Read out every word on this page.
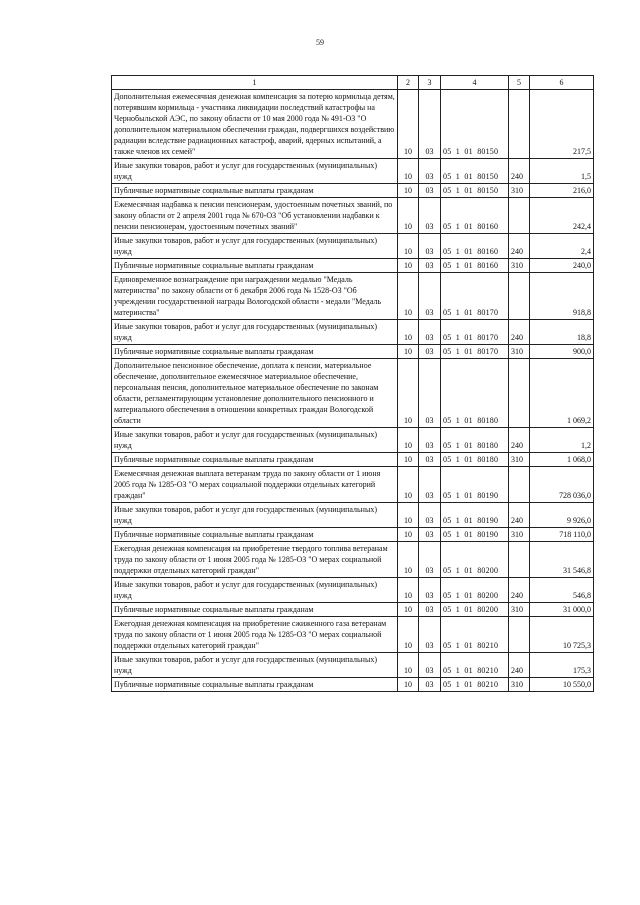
59
1	2	3	4	5	6
Дополнительная ежемесячная денежная компенсация за потерю кормильца детям, потерявшим кормильца - участника ликвидации последствий катастрофы на Чернобыльской АЭС, по закону области от 10 мая 2000 года № 491-ОЗ "О дополнительном материальном обеспечении граждан, подвергшихся воздействию радиации вследствие радиационных катастроф, аварий, ядерных испытаний, а также членов их семей"	10	03	05  1  01  80150		217,5
Иные закупки товаров, работ и услуг для государственных (муниципальных) нужд	10	03	05  1  01  80150	240	1,5
Публичные нормативные социальные выплаты гражданам	10	03	05  1  01  80150	310	216,0
Ежемесячная надбавка к пенсии пенсионерам, удостоенным почетных званий, по закону области от 2 апреля 2001 года № 670-ОЗ "Об установлении надбавки к пенсии пенсионерам, удостоенным почетных званий"	10	03	05  1  01  80160		242,4
Иные закупки товаров, работ и услуг для государственных (муниципальных) нужд	10	03	05  1  01  80160	240	2,4
Публичные нормативные социальные выплаты гражданам	10	03	05  1  01  80160	310	240,0
Единовременное вознаграждение при награждении медалью "Медаль материнства" по закону области от 6 декабря 2006 года № 1528-ОЗ "Об учреждении государственной награды Вологодской области - медали "Медаль материнства"	10	03	05  1  01  80170		918,8
Иные закупки товаров, работ и услуг для государственных (муниципальных) нужд	10	03	05  1  01  80170	240	18,8
Публичные нормативные социальные выплаты гражданам	10	03	05  1  01  80170	310	900,0
Дополнительное пенсионное обеспечение, доплата к пенсии, материальное обеспечение, дополнительное ежемесячное материальное обеспечение, персональная пенсия, дополнительное материальное обеспечение по законам области, регламентирующим установление дополнительного пенсионного и материального обеспечения в отношении конкретных граждан Вологодской области	10	03	05  1  01  80180		1 069,2
Иные закупки товаров, работ и услуг для государственных (муниципальных) нужд	10	03	05  1  01  80180	240	1,2
Публичные нормативные социальные выплаты гражданам	10	03	05  1  01  80180	310	1 068,0
Ежемесячная денежная выплата ветеранам труда по закону области от 1 июня 2005 года № 1285-ОЗ "О мерах социальной поддержки отдельных категорий граждан"	10	03	05  1  01  80190		728 036,0
Иные закупки товаров, работ и услуг для государственных (муниципальных) нужд	10	03	05  1  01  80190	240	9 926,0
Публичные нормативные социальные выплаты гражданам	10	03	05  1  01  80190	310	718 110,0
Ежегодная денежная компенсация на приобретение твердого топлива ветеранам труда по закону области от 1 июня 2005 года № 1285-ОЗ "О мерах социальной поддержки отдельных категорий граждан"	10	03	05  1  01  80200		31 546,8
Иные закупки товаров, работ и услуг для государственных (муниципальных) нужд	10	03	05  1  01  80200	240	546,8
Публичные нормативные социальные выплаты гражданам	10	03	05  1  01  80200	310	31 000,0
Ежегодная денежная компенсация на приобретение сжиженного газа ветеранам труда по закону области от 1 июня 2005 года № 1285-ОЗ "О мерах социальной поддержки отдельных категорий граждан"	10	03	05  1  01  80210		10 725,3
Иные закупки товаров, работ и услуг для государственных (муниципальных) нужд	10	03	05  1  01  80210	240	175,3
Публичные нормативные социальные выплаты гражданам	10	03	05  1  01  80210	310	10 550,0
